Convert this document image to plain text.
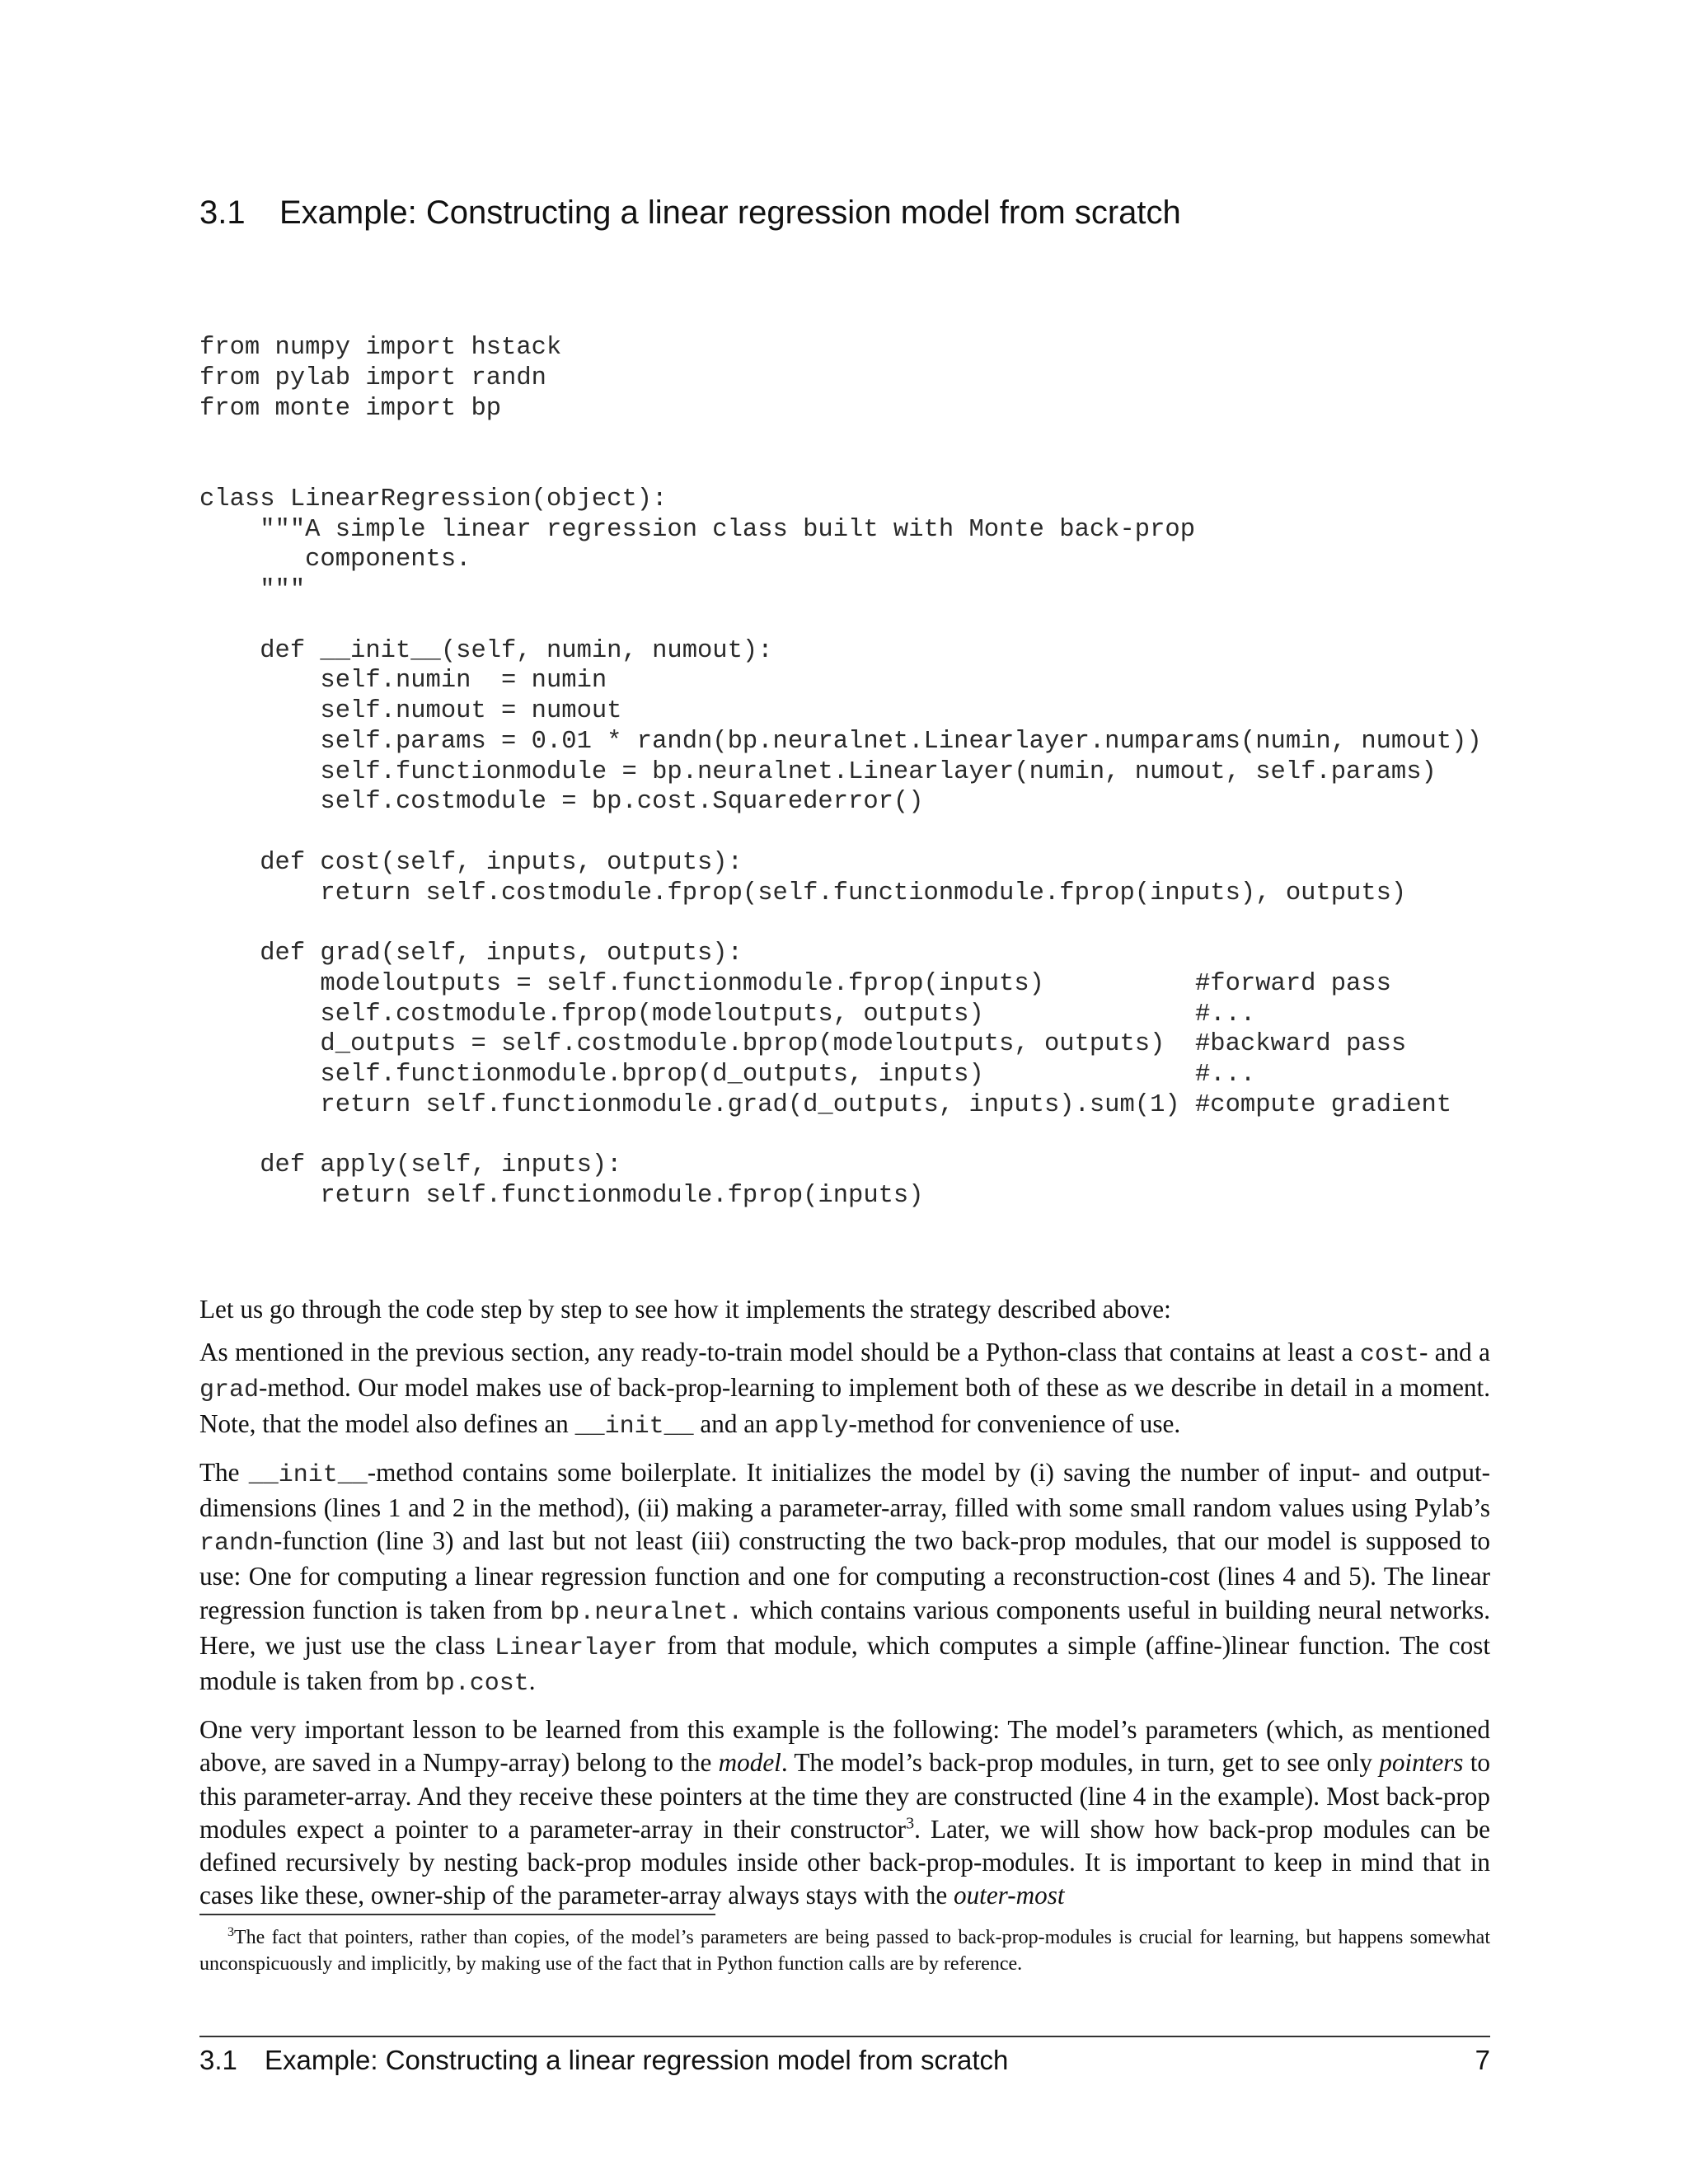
3.1 Example: Constructing a linear regression model from scratch
from numpy import hstack
from pylab import randn
from monte import bp
class LinearRegression(object):
"""A simple linear regression class built with Monte back-prop
components.
"""
def __init__(self, numin, numout):
self.numin  = numin
self.numout = numout
self.params = 0.01 * randn(bp.neuralnet.Linearlayer.numparams(numin, numout))
self.functionmodule = bp.neuralnet.Linearlayer(numin, numout, self.params)
self.costmodule = bp.cost.Squarederror()
def cost(self, inputs, outputs):
return self.costmodule.fprop(self.functionmodule.fprop(inputs), outputs)
def grad(self, inputs, outputs):
modeloutputs = self.functionmodule.fprop(inputs)          #forward pass
self.costmodule.fprop(modeloutputs, outputs)              #...
d_outputs = self.costmodule.bprop(modeloutputs, outputs)  #backward pass
self.functionmodule.bprop(d_outputs, inputs)              #...
return self.functionmodule.grad(d_outputs, inputs).sum(1) #compute gradient
def apply(self, inputs):
return self.functionmodule.fprop(inputs)

Let us go through the code step by step to see how it implements the strategy described above:

As mentioned in the previous section, any ready-to-train model should be a Python-class that contains at least a cost- and a grad-method. Our model makes use of back-prop-learning to implement both of these as we describe in detail in a moment. Note, that the model also defines an __init__ and an apply-method for convenience of use.

The __init__-method contains some boilerplate. It initializes the model by (i) saving the number of input- and output-dimensions (lines 1 and 2 in the method), (ii) making a parameter-array, filled with some small random values using Pylab’s randn-function (line 3) and last but not least (iii) constructing the two back-prop modules, that our model is supposed to use: One for computing a linear regression function and one for computing a reconstruction-cost (lines 4 and 5). The linear regression function is taken from bp.neuralnet. which contains various components useful in building neural networks. Here, we just use the class Linearlayer from that module, which computes a simple (affine-)linear function. The cost module is taken from bp.cost.

One very important lesson to be learned from this example is the following: The model’s parameters (which, as mentioned above, are saved in a Numpy-array) belong to the model. The model’s back-prop modules, in turn, get to see only pointers to this parameter-array. And they receive these pointers at the time they are constructed (line 4 in the example). Most back-prop modules expect a pointer to a parameter-array in their constructor$^3$. Later, we will show how back-prop modules can be defined recursively by nesting back-prop modules inside other back-prop-modules. It is important to keep in mind that in cases like these, owner-ship of the parameter-array always stays with the outer-most

$^3$The fact that pointers, rather than copies, of the model’s parameters are being passed to back-prop-modules is crucial for learning, but happens somewhat unconspicuously and implicitly, by making use of the fact that in Python function calls are by reference.
3.1 Example: Constructing a linear regression model from scratch	7
